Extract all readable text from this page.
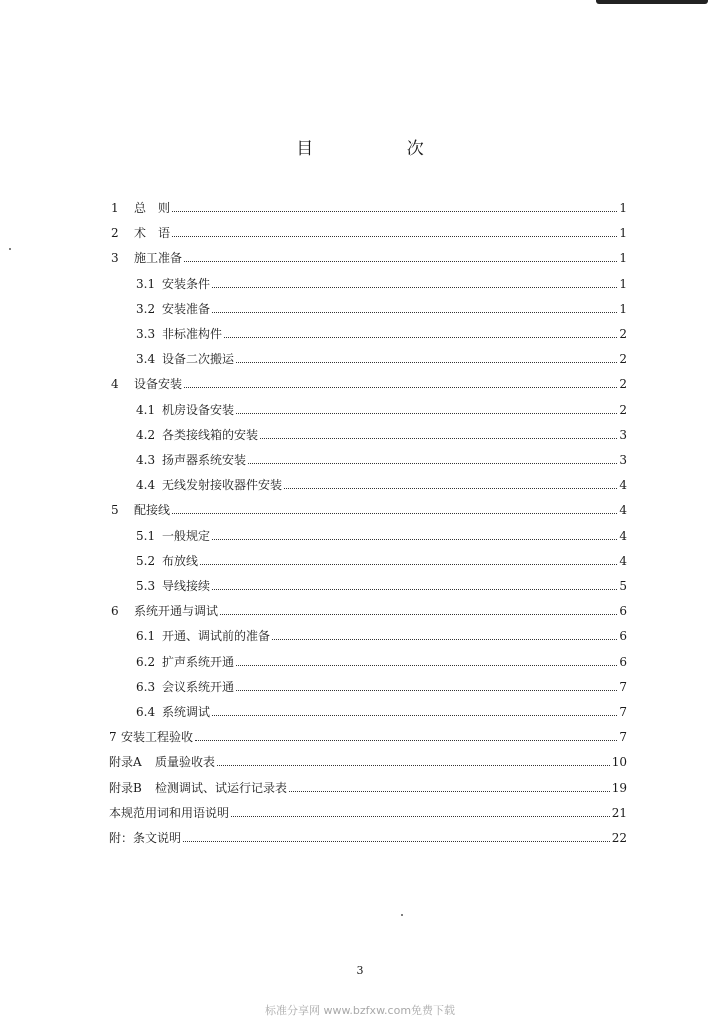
目 次
1	总　则	1
2	术　语	1
3	施工准备	1
3.1 安装条件	1
3.2 安装准备	1
3.3 非标准构件	2
3.4 设备二次搬运	2
4	设备安装	2
4.1 机房设备安装	2
4.2 各类接线箱的安装	3
4.3 扬声器系统安装	3
4.4 无线发射接收器件安装	4
5	配接线	4
5.1 一般规定	4
5.2 布放线	4
5.3 导线接续	5
6	系统开通与调试	6
6.1 开通、调试前的准备	6
6.2 扩声系统开通	6
6.3 会议系统开通	7
6.4 系统调试	7
7 安装工程验收	7
附录A	质量验收表	10
附录B	检测调试、试运行记录表	19
本规范用词和用语说明	21
附： 条文说明	22
3
标准分享网 www.bzfxw.com免费下载
